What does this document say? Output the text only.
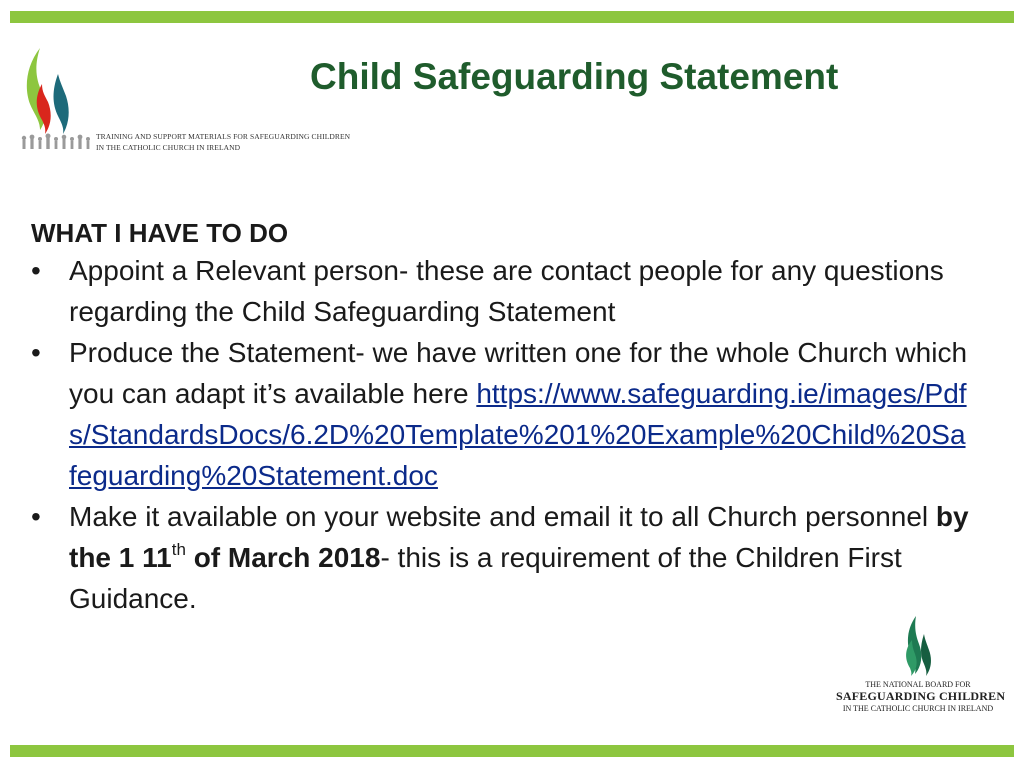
TRAINING AND SUPPORT MATERIALS FOR SAFEGUARDING CHILDREN
IN THE CATHOLIC CHURCH IN IRELAND
Child Safeguarding Statement

WHAT I HAVE TO DO

• Appoint a Relevant person- these are contact people for any questions regarding the Child Safeguarding Statement
• Produce the Statement- we have written one for the whole Church which you can adapt it’s available here https://www.safeguarding.ie/images/Pdfs/StandardsDocs/6.2D%20Template%201%20Example%20Child%20Safeguarding%20Statement.doc
• Make it available on your website and email it to all Church personnel by the 1 11th of March 2018- this is a requirement of the Children First Guidance.
THE NATIONAL BOARD FOR
SAFEGUARDING CHILDREN
IN THE CATHOLIC CHURCH IN IRELAND
